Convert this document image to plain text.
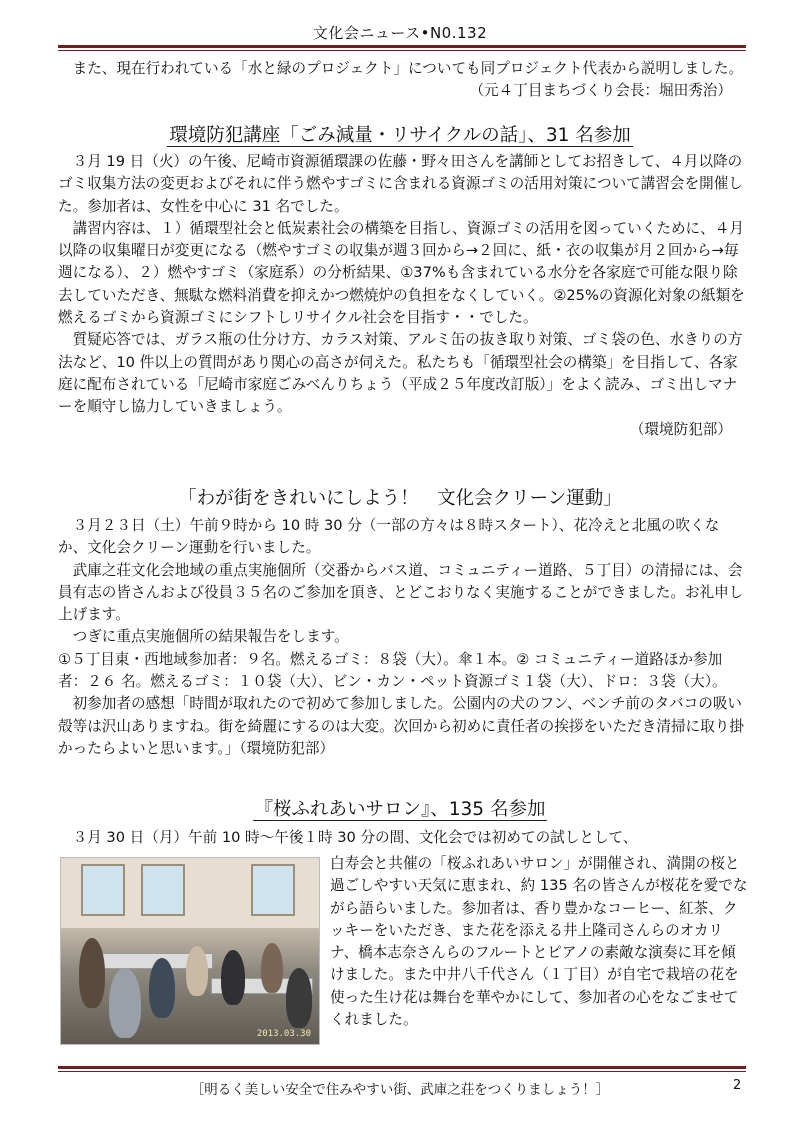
文化会ニュース•N0.132

また、現在行われている「水と緑のプロジェクト」についても同プロジェクト代表から説明しました。

（元４丁目まちづくり会長：堀田秀治）
環境防犯講座「ごみ減量・リサイクルの話」、31 名参加

３月 19 日（火）の午後、尼崎市資源循環課の佐藤・野々田さんを講師としてお招きして、４月以降のゴミ収集方法の変更およびそれに伴う燃やすゴミに含まれる資源ゴミの活用対策について講習会を開催した。参加者は、女性を中心に 31 名でした。

講習内容は、１）循環型社会と低炭素社会の構築を目指し、資源ゴミの活用を図っていくために、４月以降の収集曜日が変更になる（燃やすゴミの収集が週３回から→２回に、紙・衣の収集が月２回から→毎週になる）、２）燃やすゴミ（家庭系）の分析結果、①37%も含まれている水分を各家庭で可能な限り除去していただき、無駄な燃料消費を抑えかつ燃焼炉の負担をなくしていく。②25%の資源化対象の紙類を燃えるゴミから資源ゴミにシフトしリサイクル社会を目指す・・でした。

質疑応答では、ガラス瓶の仕分け方、カラス対策、アルミ缶の抜き取り対策、ゴミ袋の色、水きりの方法など、10 件以上の質問があり関心の高さが伺えた。私たちも「循環型社会の構築」を目指して、各家庭に配布されている「尼崎市家庭ごみべんりちょう（平成２５年度改訂版）」をよく読み、ゴミ出しマナーを順守し協力していきましょう。

（環境防犯部）
「わが街をきれいにしよう！　文化会クリーン運動」

３月２３日（土）午前９時から 10 時 30 分（一部の方々は８時スタート）、花冷えと北風の吹くなか、文化会クリーン運動を行いました。

武庫之荘文化会地域の重点実施個所（交番からバス道、コミュニティー道路、５丁目）の清掃には、会員有志の皆さんおよび役員３５名のご参加を頂き、とどこおりなく実施することができました。お礼申し上げます。

つぎに重点実施個所の結果報告をします。

①５丁目東・西地域参加者：９名。燃えるゴミ：８袋（大）。傘１本。② コミュニティー道路ほか参加者：２６ 名。燃えるゴミ：１０袋（大）、ビン・カン・ペット資源ゴミ１袋（大）、ドロ：３袋（大）。

初参加者の感想「時間が取れたので初めて参加しました。公園内の犬のフン、ベンチ前のタバコの吸い殻等は沢山ありますね。街を綺麗にするのは大変。次回から初めに責任者の挨拶をいただき清掃に取り掛かったらよいと思います。」（環境防犯部）

『桜ふれあいサロン』、135 名参加

３月 30 日（月）午前 10 時～午後１時 30 分の間、文化会では初めての試しとして、

2013.03.30

白寿会と共催の「桜ふれあいサロン」が開催され、満開の桜と過ごしやすい天気に恵まれ、約 135 名の皆さんが桜花を愛でながら語らいました。参加者は、香り豊かなコーヒー、紅茶、クッキーをいただき、また花を添える井上隆司さんらのオカリナ、橋本志奈さんらのフルートとピアノの素敵な演奏に耳を傾けました。また中井八千代さん（１丁目）が自宅で栽培の花を使った生け花は舞台を華やかにして、参加者の心をなごませてくれました。

［明るく美しい安全で住みやすい街、武庫之荘をつくりましょう！］	2
